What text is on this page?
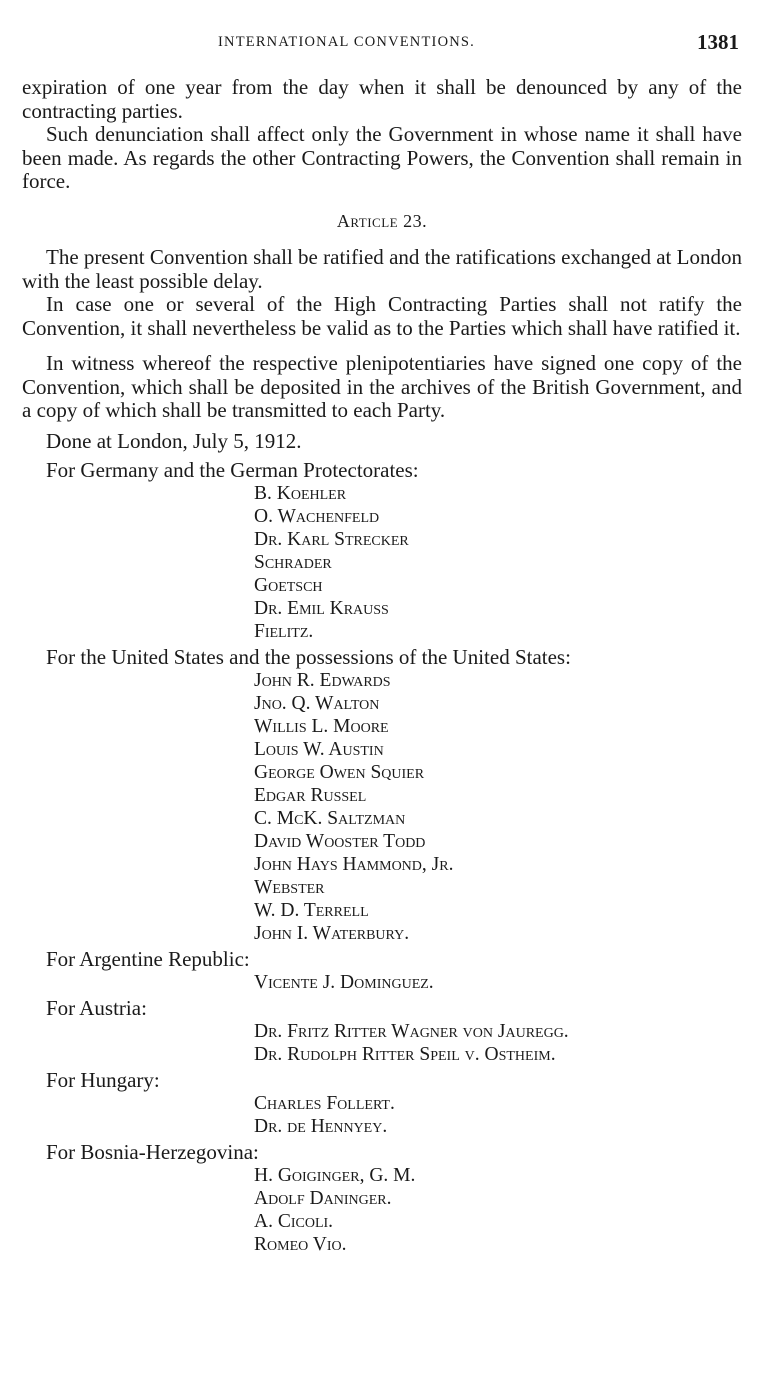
INTERNATIONAL CONVENTIONS.	1381

expiration of one year from the day when it shall be denounced by any of the contracting parties.

Such denunciation shall affect only the Government in whose name it shall have been made. As regards the other Contracting Powers, the Convention shall remain in force.

Article 23.

The present Convention shall be ratified and the ratifications exchanged at London with the least possible delay.

In case one or several of the High Contracting Parties shall not ratify the Convention, it shall nevertheless be valid as to the Parties which shall have ratified it.

In witness whereof the respective plenipotentiaries have signed one copy of the Convention, which shall be deposited in the archives of the British Government, and a copy of which shall be transmitted to each Party.

Done at London, July 5, 1912.

For Germany and the German Protectorates:

B. Koehler
O. Wachenfeld
Dr. Karl Strecker
Schrader
Goetsch
Dr. Emil Krauss
Fielitz.

For the United States and the possessions of the United States:

John R. Edwards
Jno. Q. Walton
Willis L. Moore
Louis W. Austin
George Owen Squier
Edgar Russel
C. McK. Saltzman
David Wooster Todd
John Hays Hammond, Jr.
Webster
W. D. Terrell
John I. Waterbury.

For Argentine Republic:

Vicente J. Dominguez.

For Austria:

Dr. Fritz Ritter Wagner von Jauregg.
Dr. Rudolph Ritter Speil v. Ostheim.

For Hungary:

Charles Follert.
Dr. de Hennyey.

For Bosnia-Herzegovina:

H. Goiginger, G. M.
Adolf Daninger.
A. Cicoli.
Romeo Vio.
